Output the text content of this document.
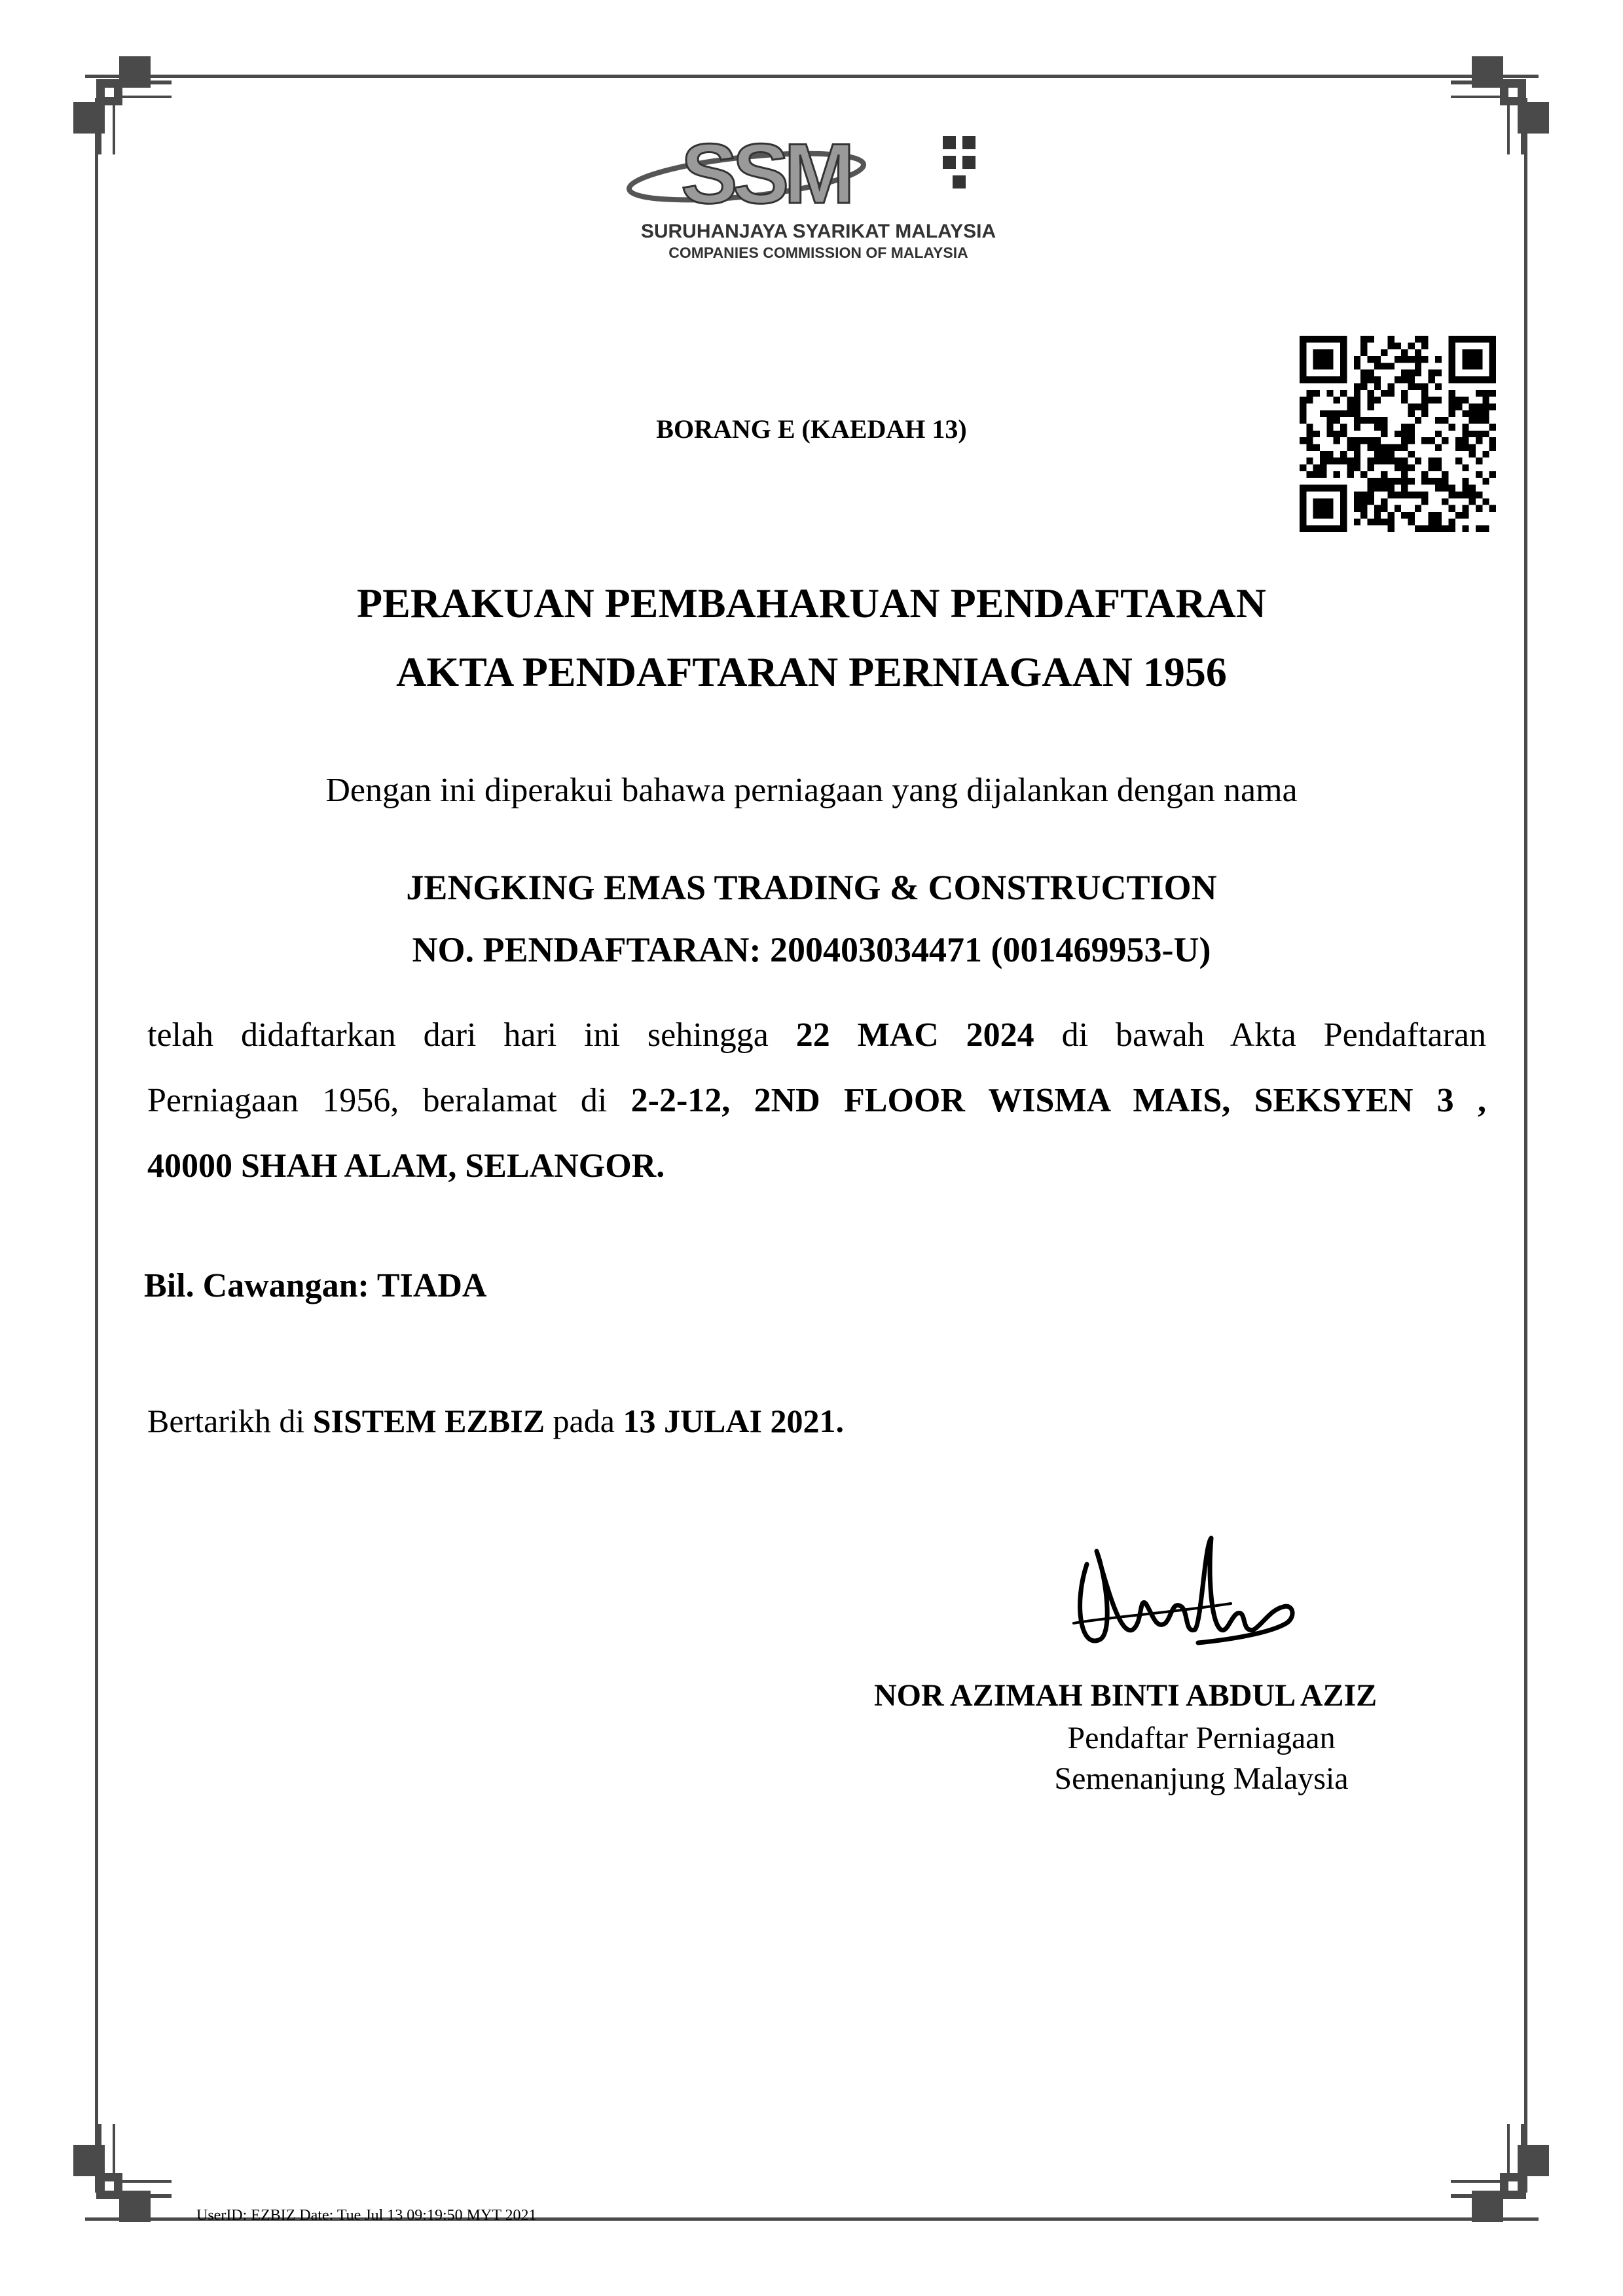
SSM
SURUHANJAYA SYARIKAT MALAYSIA
COMPANIES COMMISSION OF MALAYSIA
BORANG E (KAEDAH 13)
PERAKUAN PEMBAHARUAN PENDAFTARAN
AKTA PENDAFTARAN PERNIAGAAN 1956
Dengan ini diperakui bahawa perniagaan yang dijalankan dengan nama
JENGKING EMAS TRADING & CONSTRUCTION
NO. PENDAFTARAN: 200403034471 (001469953-U)
telah didaftarkan dari hari ini sehingga 22 MAC 2024 di bawah Akta Pendaftaran
Perniagaan 1956, beralamat di 2-2-12, 2ND FLOOR WISMA MAIS, SEKSYEN 3 ,
40000 SHAH ALAM, SELANGOR.
Bil. Cawangan: TIADA
Bertarikh di SISTEM EZBIZ pada 13 JULAI 2021.
NOR AZIMAH BINTI ABDUL AZIZ
Pendaftar Perniagaan
Semenanjung Malaysia
UserID: EZBIZ Date: Tue Jul 13 09:19:50 MYT 2021
